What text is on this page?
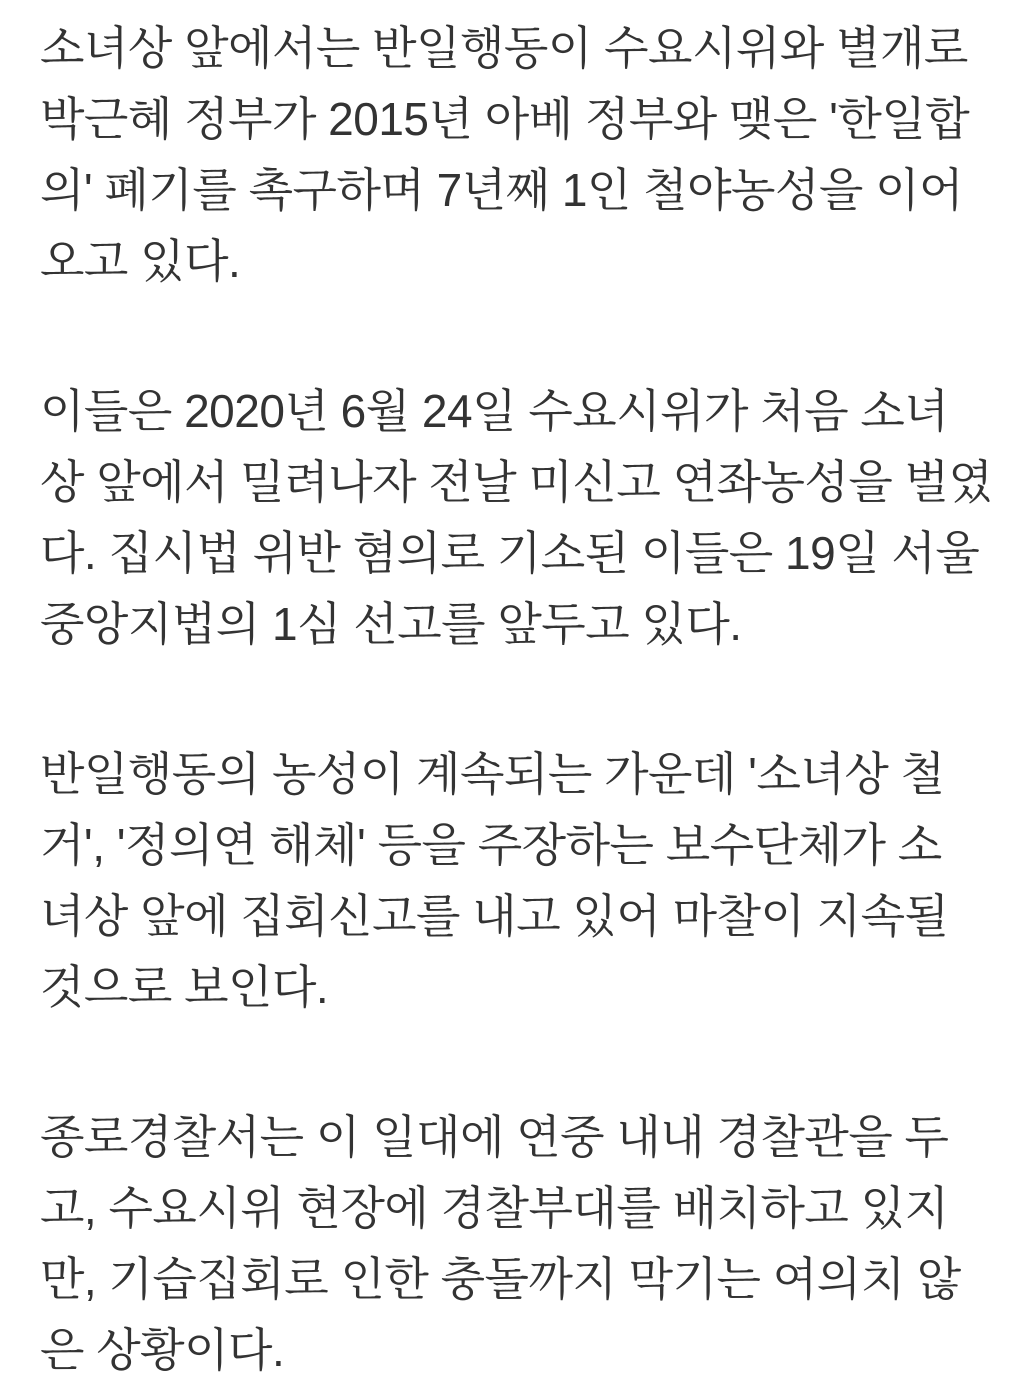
소녀상 앞에서는 반일행동이 수요시위와 별개로
박근혜 정부가 2015년 아베 정부와 맺은 '한일합
의' 폐기를 촉구하며 7년째 1인 철야농성을 이어
오고 있다.

이들은 2020년 6월 24일 수요시위가 처음 소녀
상 앞에서 밀려나자 전날 미신고 연좌농성을 벌였
다. 집시법 위반 혐의로 기소된 이들은 19일 서울
중앙지법의 1심 선고를 앞두고 있다.

반일행동의 농성이 계속되는 가운데 '소녀상 철
거', '정의연 해체' 등을 주장하는 보수단체가 소
녀상 앞에 집회신고를 내고 있어 마찰이 지속될
것으로 보인다.

종로경찰서는 이 일대에 연중 내내 경찰관을 두
고, 수요시위 현장에 경찰부대를 배치하고 있지
만, 기습집회로 인한 충돌까지 막기는 여의치 않
은 상황이다.
